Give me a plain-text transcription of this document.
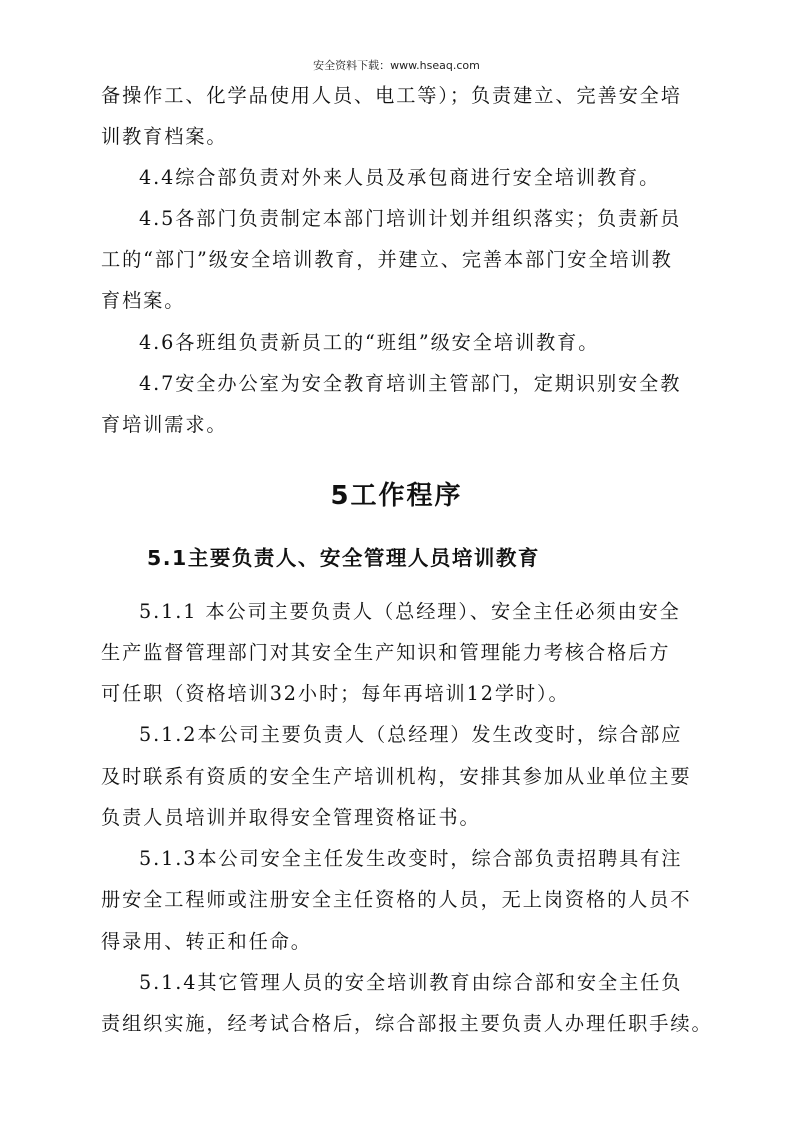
安全资料下载：www.hseaq.com
备操作工、化学品使用人员、电工等）；负责建立、完善安全培
训教育档案。
4.4综合部负责对外来人员及承包商进行安全培训教育。
4.5各部门负责制定本部门培训计划并组织落实；负责新员
工的“部门”级安全培训教育，并建立、完善本部门安全培训教
育档案。
4.6各班组负责新员工的“班组”级安全培训教育。
4.7安全办公室为安全教育培训主管部门，定期识别安全教
育培训需求。
5工作程序
5.1主要负责人、安全管理人员培训教育
5.1.1 本公司主要负责人（总经理）、安全主任必须由安全
生产监督管理部门对其安全生产知识和管理能力考核合格后方
可任职（资格培训32小时；每年再培训12学时）。
5.1.2本公司主要负责人（总经理）发生改变时，综合部应
及时联系有资质的安全生产培训机构，安排其参加从业单位主要
负责人员培训并取得安全管理资格证书。
5.1.3本公司安全主任发生改变时，综合部负责招聘具有注
册安全工程师或注册安全主任资格的人员，无上岗资格的人员不
得录用、转正和任命。
5.1.4其它管理人员的安全培训教育由综合部和安全主任负
责组织实施，经考试合格后，综合部报主要负责人办理任职手续。
